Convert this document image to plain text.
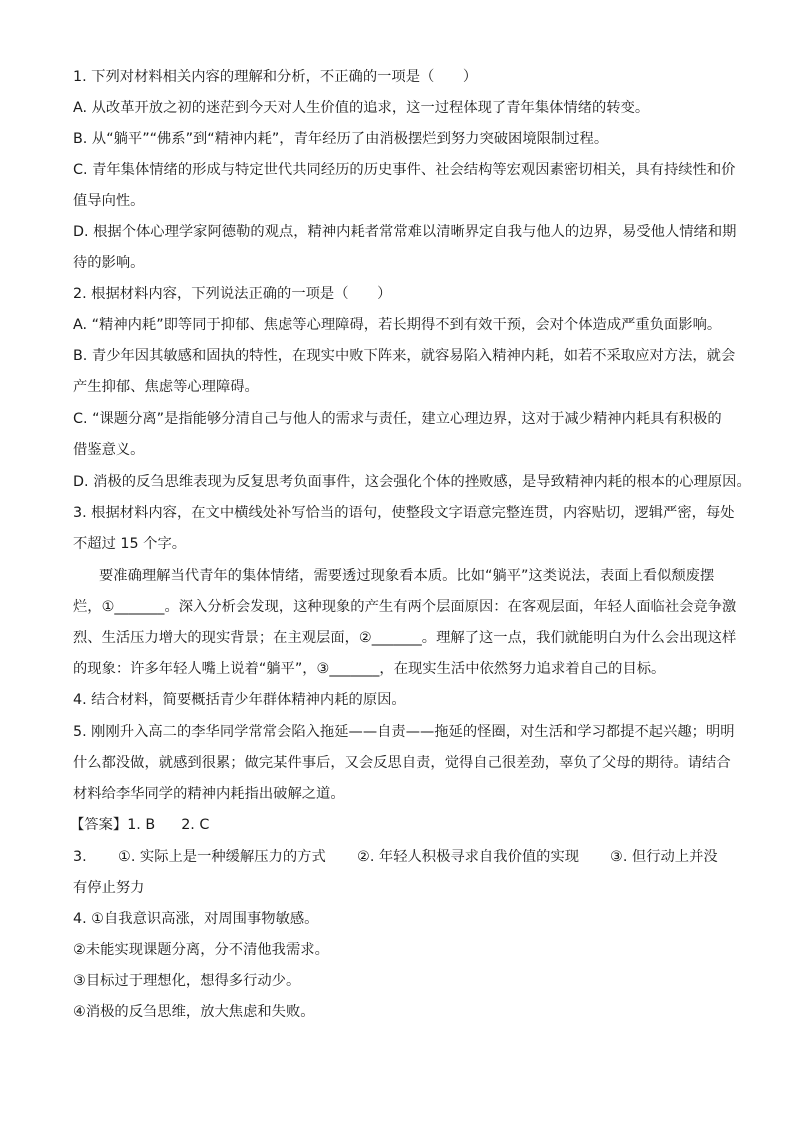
1. 下列对材料相关内容的理解和分析，不正确的一项是（　　）
A. 从改革开放之初的迷茫到今天对人生价值的追求，这一过程体现了青年集体情绪的转变。
B. 从“躺平”“佛系”到“精神内耗”，青年经历了由消极摆烂到努力突破困境限制过程。
C. 青年集体情绪的形成与特定世代共同经历的历史事件、社会结构等宏观因素密切相关，具有持续性和价
值导向性。
D. 根据个体心理学家阿德勒的观点，精神内耗者常常难以清晰界定自我与他人的边界，易受他人情绪和期
待的影响。
2. 根据材料内容，下列说法正确的一项是（　　）
A. “精神内耗”即等同于抑郁、焦虑等心理障碍，若长期得不到有效干预，会对个体造成严重负面影响。
B. 青少年因其敏感和固执的特性，在现实中败下阵来，就容易陷入精神内耗，如若不采取应对方法，就会
产生抑郁、焦虑等心理障碍。
C. “课题分离”是指能够分清自己与他人的需求与责任，建立心理边界，这对于减少精神内耗具有积极的
借鉴意义。
D. 消极的反刍思维表现为反复思考负面事件，这会强化个体的挫败感，是导致精神内耗的根本的心理原因。
3. 根据材料内容，在文中横线处补写恰当的语句，使整段文字语意完整连贯，内容贴切，逻辑严密，每处
不超过 15 个字。
要准确理解当代青年的集体情绪，需要透过现象看本质。比如“躺平”这类说法，表面上看似颓废摆
烂，①_______。深入分析会发现，这种现象的产生有两个层面原因：在客观层面，年轻人面临社会竞争激
烈、生活压力增大的现实背景；在主观层面，②_______。理解了这一点，我们就能明白为什么会出现这样
的现象：许多年轻人嘴上说着“躺平”，③_______，在现实生活中依然努力追求着自己的目标。
4. 结合材料，简要概括青少年群体精神内耗的原因。
5. 刚刚升入高二的李华同学常常会陷入拖延——自责——拖延的怪圈，对生活和学习都提不起兴趣；明明
什么都没做，就感到很累；做完某件事后，又会反思自责，觉得自己很差劲，辜负了父母的期待。请结合
材料给李华同学的精神内耗指出破解之道。
【答案】1. B 2. C
3. ①. 实际上是一种缓解压力的方式 ②. 年轻人积极寻求自我价值的实现 ③. 但行动上并没
有停止努力
4. ①自我意识高涨，对周围事物敏感。
②未能实现课题分离，分不清他我需求。
③目标过于理想化，想得多行动少。
④消极的反刍思维，放大焦虑和失败。
